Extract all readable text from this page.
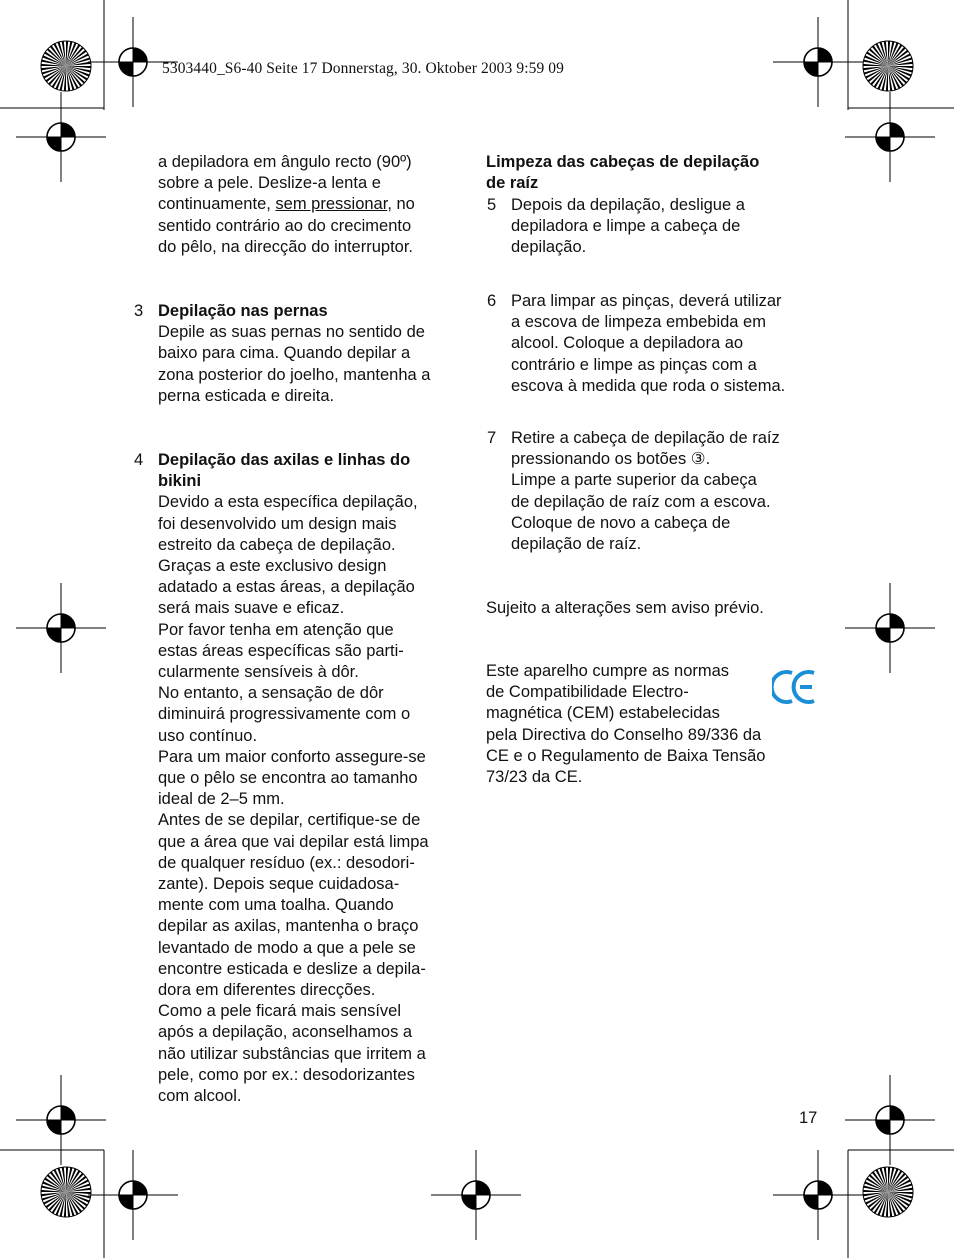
5303440_S6-40 Seite 17 Donnerstag, 30. Oktober 2003 9:59 09

a depiladora em ângulo recto (90º)

sobre a pele. Deslize-a lenta e

continuamente, sem pressionar, no

sentido contrário ao do crecimento

do pêlo, na direcção do interruptor.

3 Depilação nas pernas

Depile as suas pernas no sentido de

baixo para cima. Quando depilar a

zona posterior do joelho, mantenha a

perna esticada e direita.

4 Depilação das axilas e linhas do

bikini

Devido a esta específica depilação,

foi desenvolvido um design mais

estreito da cabeça de depilação.

Graças a este exclusivo design

adatado a estas áreas, a depilação

será mais suave e eficaz.

Por favor tenha em atenção que

estas áreas específicas são parti-

cularmente sensíveis à dôr.

No entanto, a sensação de dôr

diminuirá progressivamente com o

uso contínuo.

Para um maior conforto assegure-se

que o pêlo se encontra ao tamanho

ideal de 2–5 mm.

Antes de se depilar, certifique-se de

que a área que vai depilar está limpa

de qualquer resíduo (ex.: desodori-

zante). Depois seque cuidadosa-

mente com uma toalha. Quando

depilar as axilas, mantenha o braço

levantado de modo a que a pele se

encontre esticada e deslize a depila-

dora em diferentes direcções.

Como a pele ficará mais sensível

após a depilação, aconselhamos a

não utilizar substâncias que irritem a

pele, como por ex.: desodorizantes

com alcool.

Limpeza das cabeças de depilação

de raíz

5 Depois da depilação, desligue a

depiladora e limpe a cabeça de

depilação.

6 Para limpar as pinças, deverá utilizar

a escova de limpeza embebida em

alcool. Coloque a depiladora ao

contrário e limpe as pinças com a

escova à medida que roda o sistema.

7 Retire a cabeça de depilação de raíz

pressionando os botões ③.

Limpe a parte superior da cabeça

de depilação de raíz com a escova.

Coloque de novo a cabeça de

depilação de raíz.

Sujeito a alterações sem aviso prévio.

Este aparelho cumpre as normas

de Compatibilidade Electro-

magnética (CEM) estabelecidas

pela Directiva do Conselho 89/336 da

CE e o Regulamento de Baixa Tensão

73/23 da CE.

17
